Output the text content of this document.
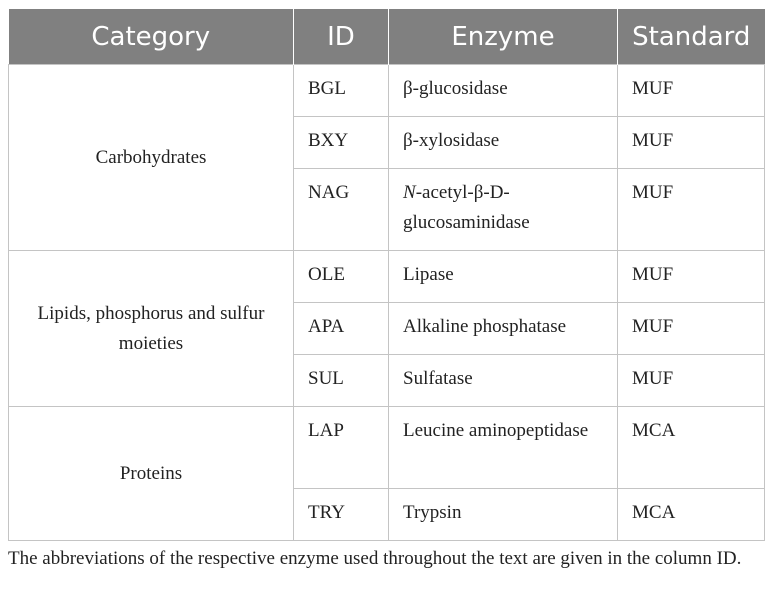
Category	ID	Enzyme	Standard
Carbohydrates	BGL	β-glucosidase	MUF
	BXY	β-xylosidase	MUF
	NAG	N-acetyl-β-D-glucosaminidase	MUF
Lipids, phosphorus and sulfur moieties	OLE	Lipase	MUF
	APA	Alkaline phosphatase	MUF
	SUL	Sulfatase	MUF
Proteins	LAP	Leucine aminopeptidase	MCA
	TRY	Trypsin	MCA
The abbreviations of the respective enzyme used throughout the text are given in the column ID.
